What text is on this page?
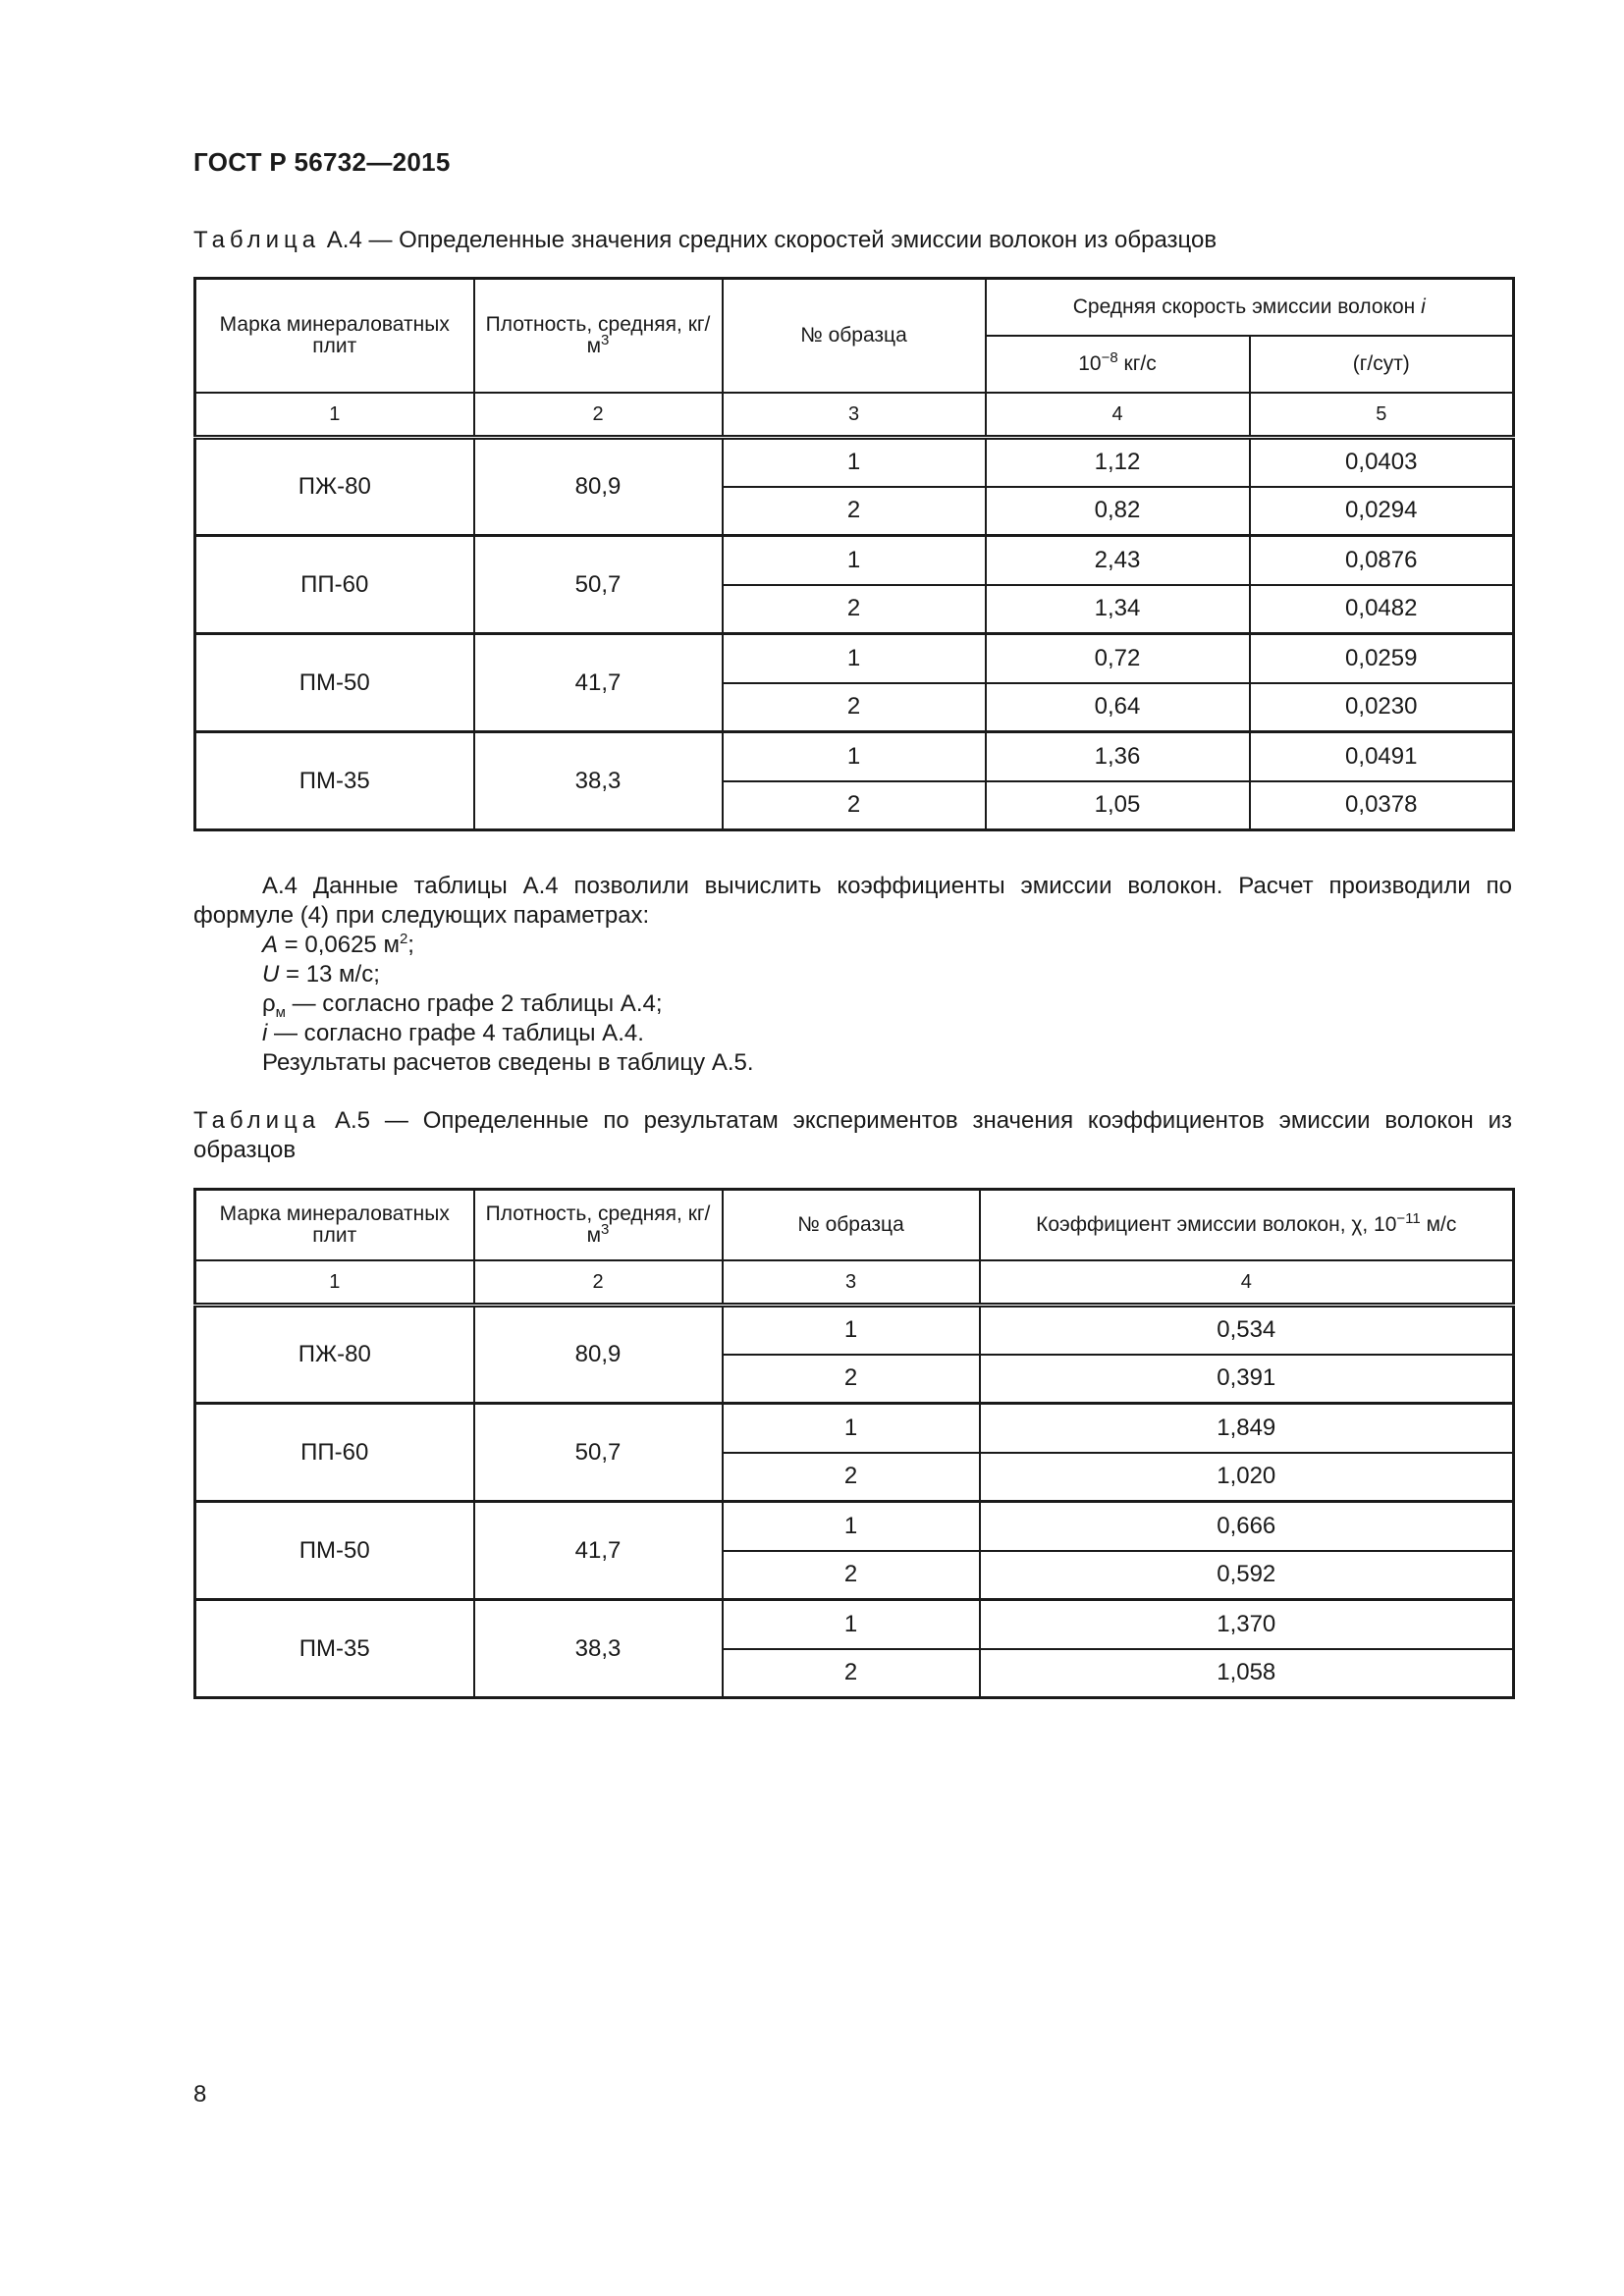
ГОСТ Р 56732—2015
Таблица А.4 — Определенные значения средних скоростей эмиссии волокон из образцов
Марка минераловатных плит	Плотность, средняя, $кг/м^3$	№ образца	Средняя скорость эмиссии волокон i	
			$10^{-8}$ кг/с	(г/сут)
1	2	3	4	5
ПЖ-80	80,9	1	1,12	0,0403
		2	0,82	0,0294
ПП-60	50,7	1	2,43	0,0876
		2	1,34	0,0482
ПМ-50	41,7	1	0,72	0,0259
		2	0,64	0,0230
ПМ-35	38,3	1	1,36	0,0491
		2	1,05	0,0378

А.4 Данные таблицы А.4 позволили вычислить коэффициенты эмиссии волокон. Расчет производили по формуле (4) при следующих параметрах:

A = 0,0625 $м^2$;

U = 13 м/с;

$\rho_м$ — согласно графе 2 таблицы А.4;

i — согласно графе 4 таблицы А.4.

Результаты расчетов сведены в таблицу А.5.

Таблица А.5 — Определенные по результатам экспериментов значения коэффициентов эмиссии волокон из образцов
Марка минераловатных плит	Плотность, средняя, $кг/м^3$	№ образца	Коэффициент эмиссии волокон, χ, $10^{-11}$ м/с
1	2	3	4
ПЖ-80	80,9	1	0,534
		2	0,391
ПП-60	50,7	1	1,849
		2	1,020
ПМ-50	41,7	1	0,666
		2	0,592
ПМ-35	38,3	1	1,370
		2	1,058
8
